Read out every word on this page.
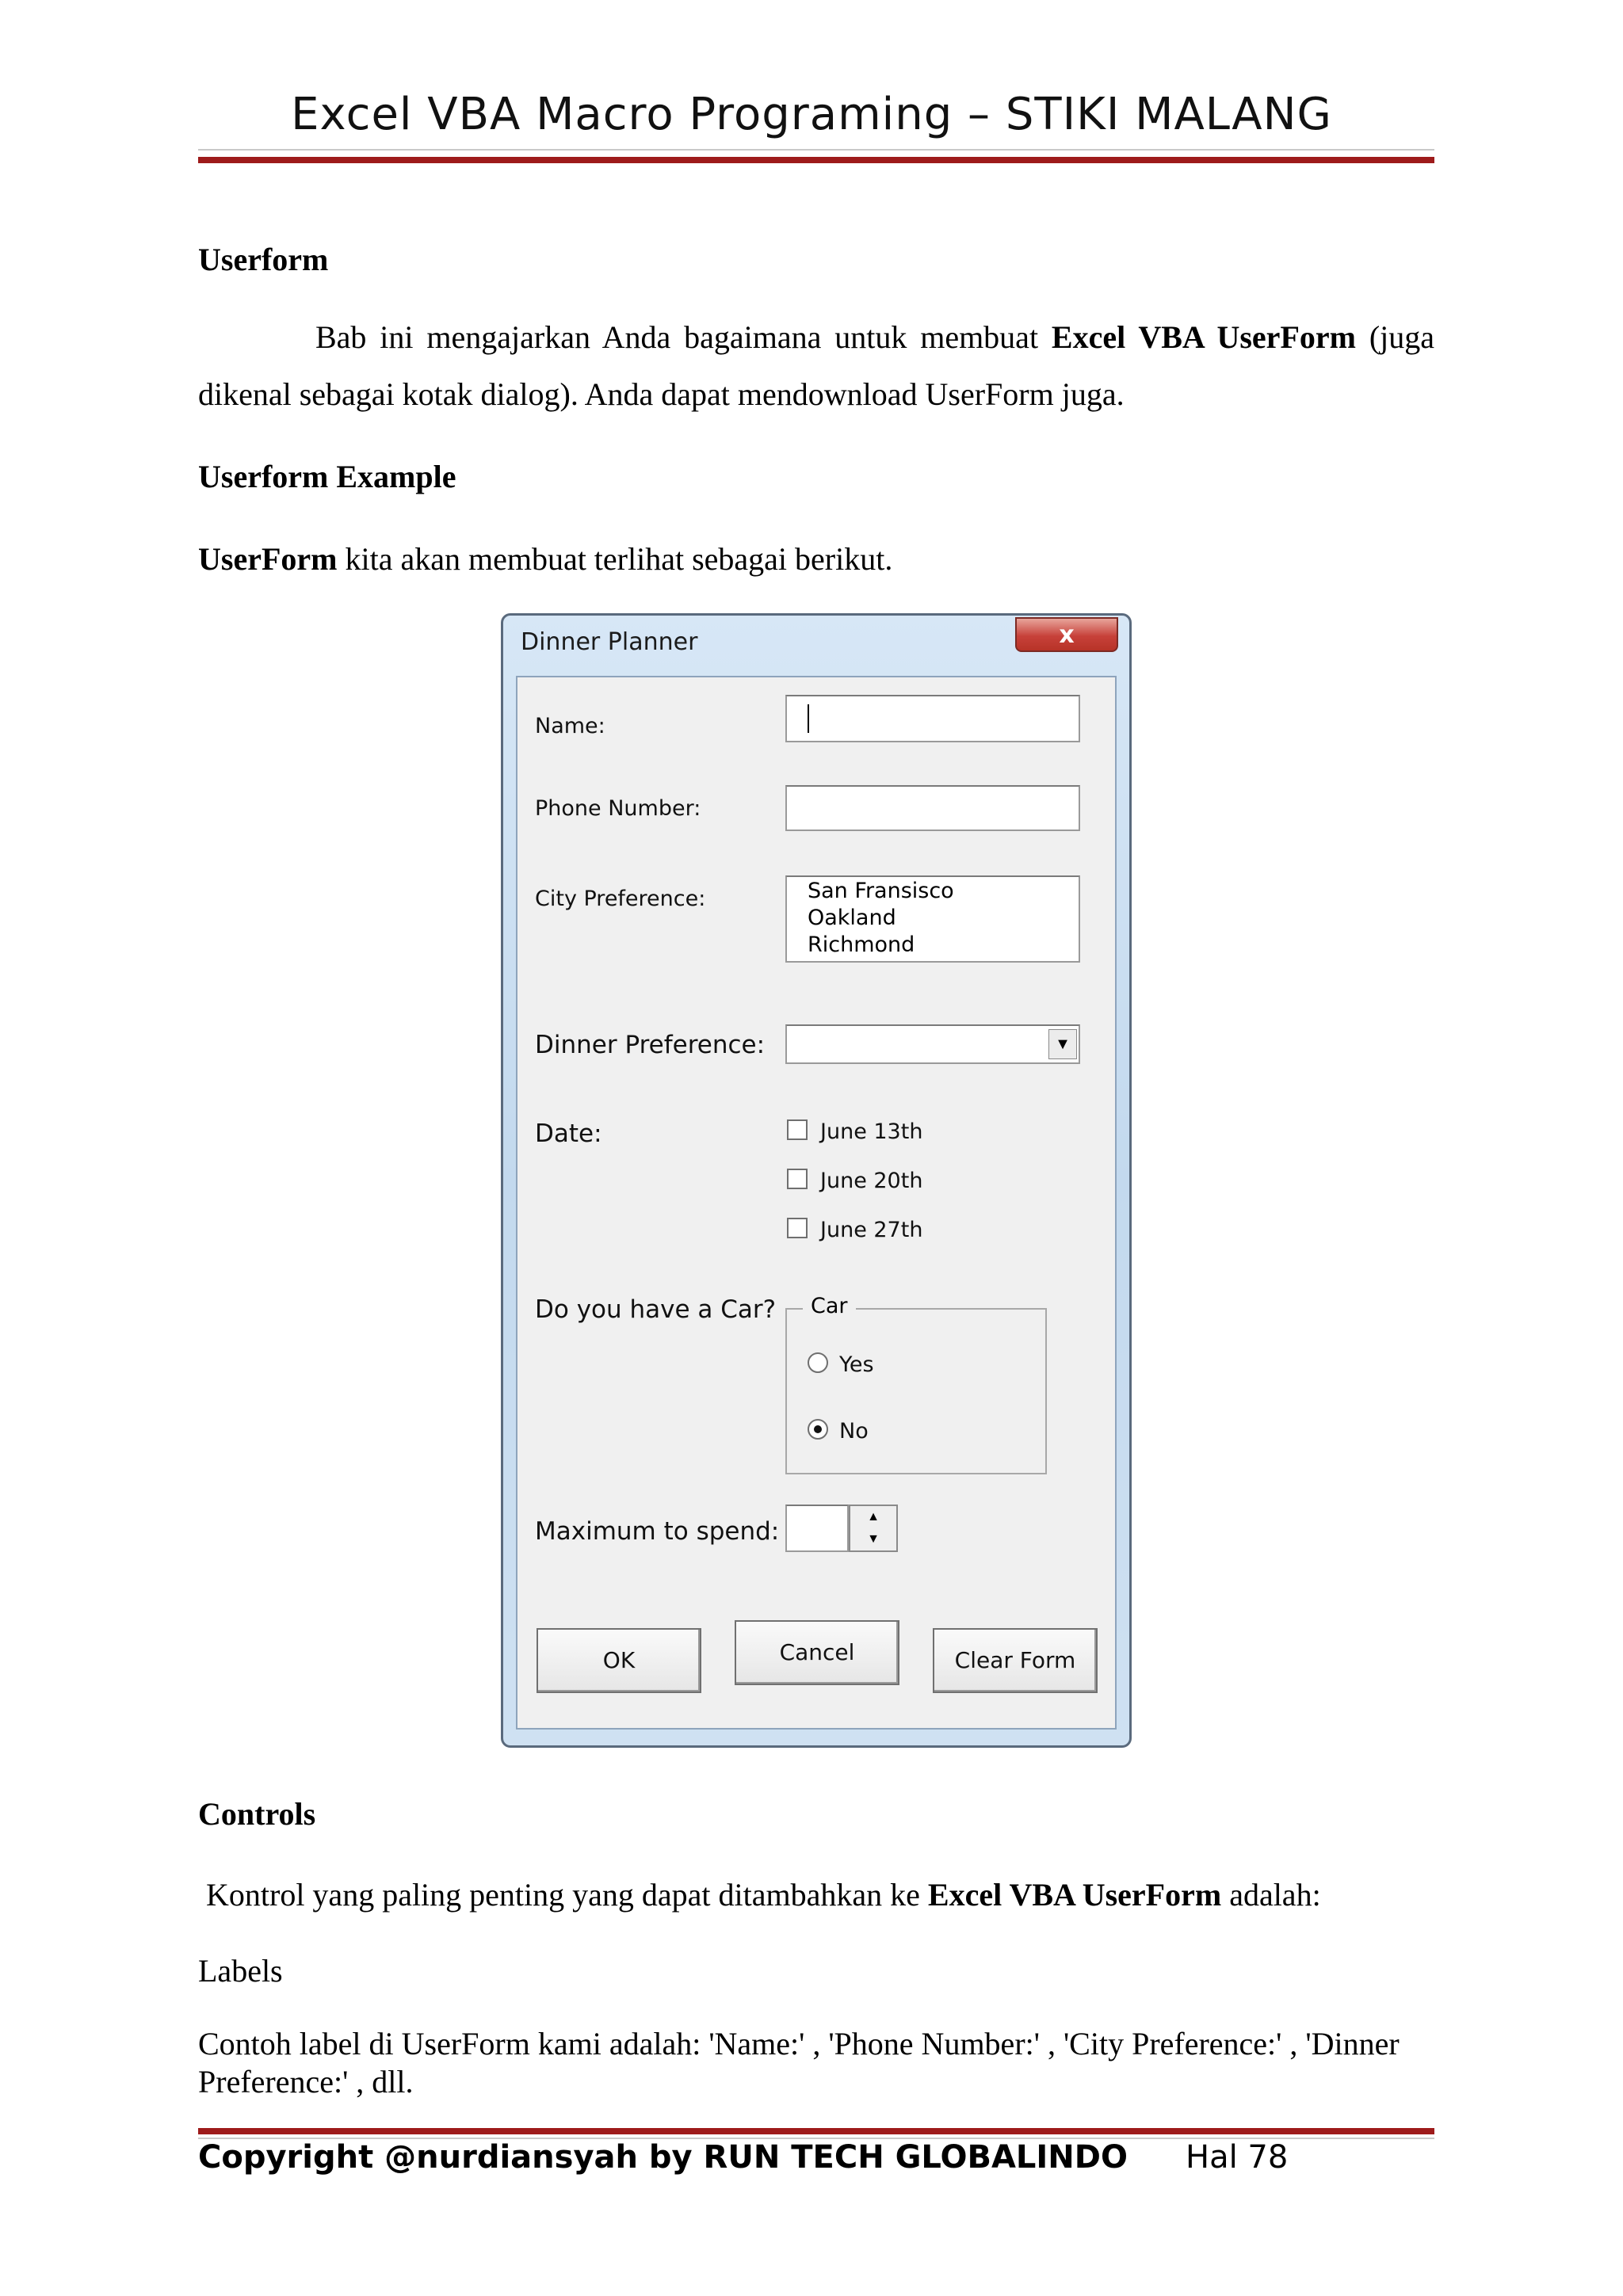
Excel VBA Macro Programing – STIKI MALANG
Userform
Bab ini mengajarkan Anda bagaimana untuk membuat Excel VBA UserForm (juga dikenal sebagai kotak dialog). Anda dapat mendownload UserForm juga.
Userform Example
UserForm kita akan membuat terlihat sebagai berikut.
Dinner Planner	x
Name:
Phone Number:
City Preference:	San Fransisco
Oakland
Richmond
Dinner Preference:	▼
Date:	June 13th
June 20th
June 27th
Do you have a Car?	Car
Yes
No
Maximum to spend:
▲
▼
OK	Cancel	Clear Form
Controls
Kontrol yang paling penting yang dapat ditambahkan ke Excel VBA UserForm adalah:
Labels
Contoh label di UserForm kami adalah: 'Name:' , 'Phone Number:' , 'City Preference:' , 'Dinner Preference:' , dll.
Copyright @nurdiansyah by RUN TECH GLOBALINDO Hal 78
